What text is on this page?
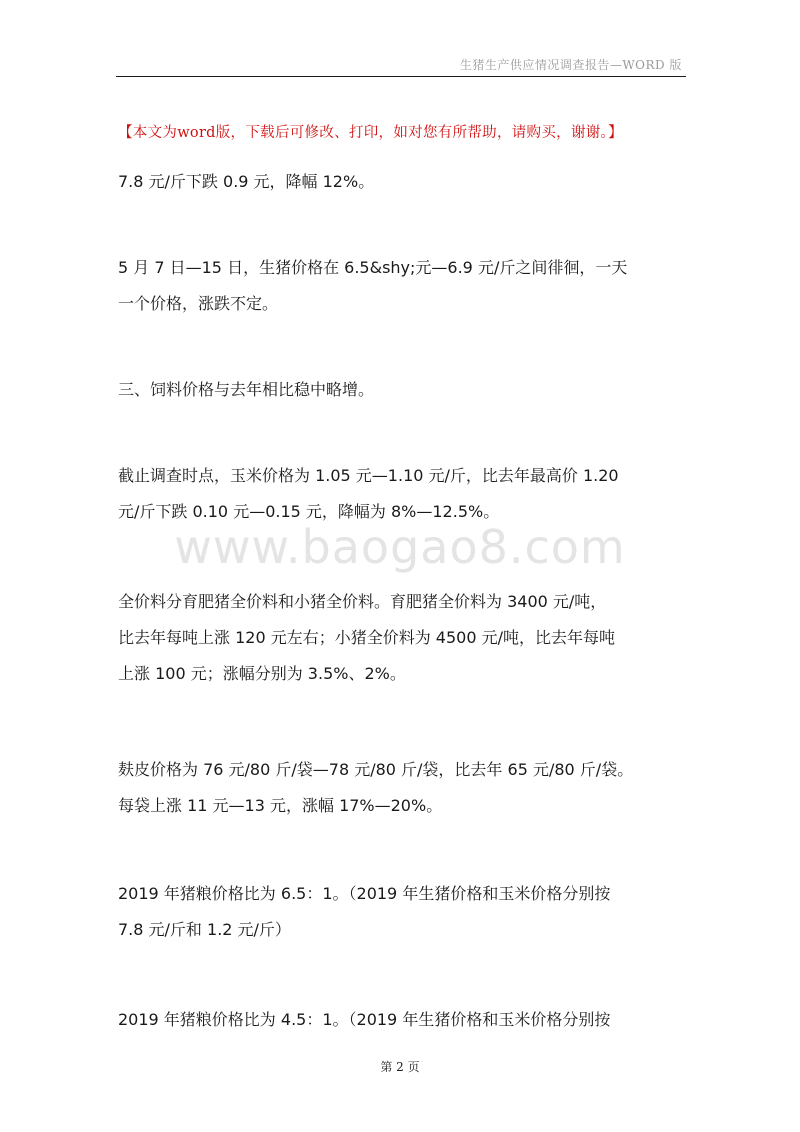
生猪生产供应情况调查报告—WORD 版
【本文为word版，下载后可修改、打印，如对您有所帮助，请购买，谢谢。】
www.baogao8.com
7.8 元/斤下跌 0.9 元，降幅 12%。
5 月 7 日—15 日，生猪价格在 6.5&shy;元—6.9 元/斤之间徘徊，一天
一个价格，涨跌不定。
三、饲料价格与去年相比稳中略增。
截止调查时点，玉米价格为 1.05 元—1.10 元/斤，比去年最高价 1.20
元/斤下跌 0.10 元—0.15 元，降幅为 8%—12.5%。
全价料分育肥猪全价料和小猪全价料。育肥猪全价料为 3400 元/吨，
比去年每吨上涨 120 元左右；小猪全价料为 4500 元/吨，比去年每吨
上涨 100 元；涨幅分别为 3.5%、2%。
麸皮价格为 76 元/80 斤/袋—78 元/80 斤/袋，比去年 65 元/80 斤/袋。
每袋上涨 11 元—13 元，涨幅 17%—20%。
2019 年猪粮价格比为 6.5：1。（2019 年生猪价格和玉米价格分别按
7.8 元/斤和 1.2 元/斤）
2019 年猪粮价格比为 4.5：1。（2019 年生猪价格和玉米价格分别按
第 2 页
